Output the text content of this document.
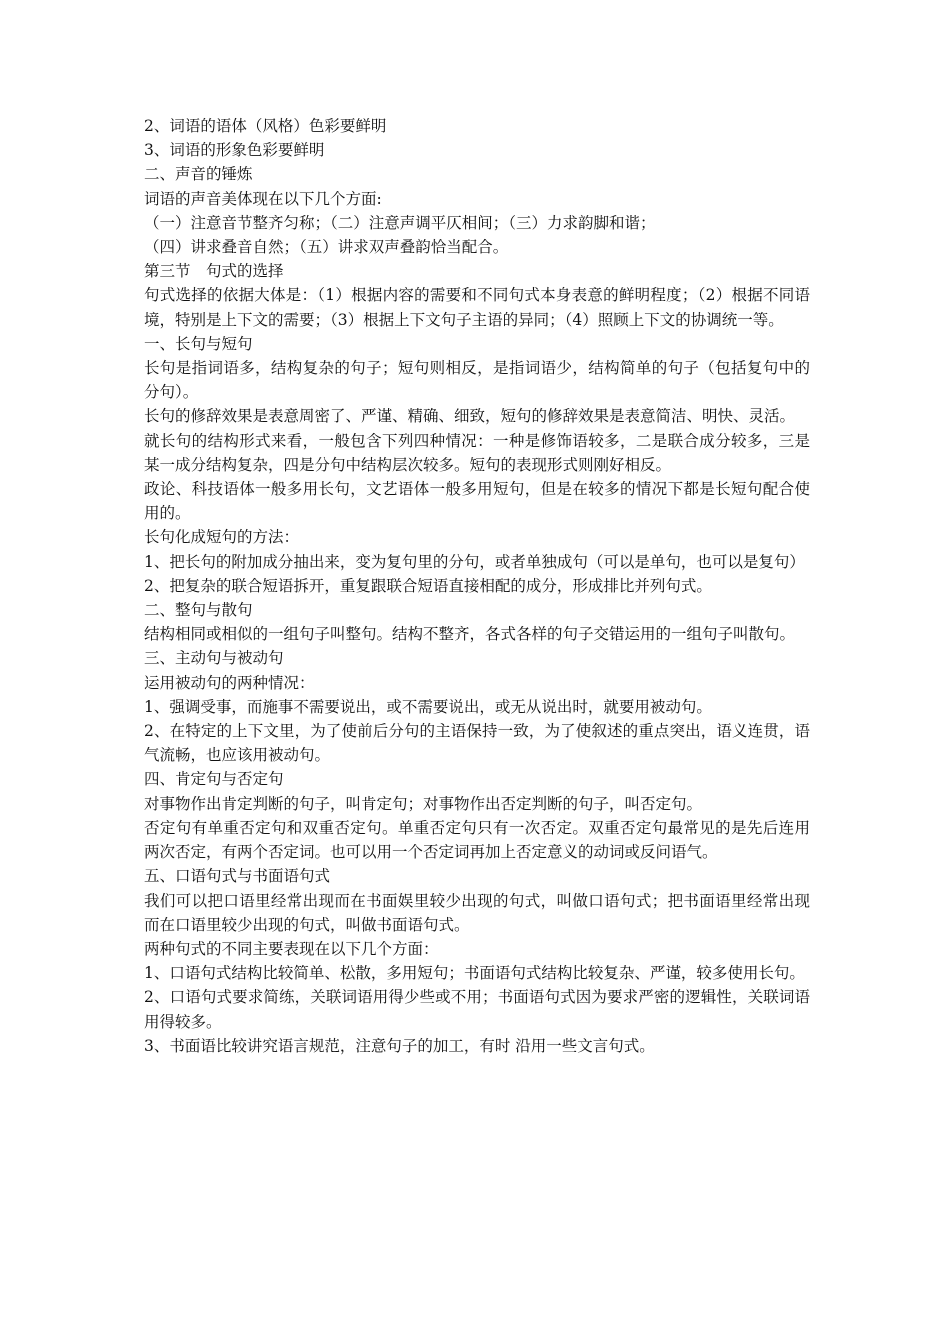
2、词语的语体（风格）色彩要鲜明

3、词语的形象色彩要鲜明

二、声音的锤炼

词语的声音美体现在以下几个方面:

（一）注意音节整齐匀称；（二）注意声调平仄相间；（三）力求韵脚和谐；

（四）讲求叠音自然；（五）讲求双声叠韵恰当配合。

第三节　句式的选择

句式选择的依据大体是：（1）根据内容的需要和不同句式本身表意的鲜明程度；（2）根据不同语境，特别是上下文的需要；（3）根据上下文句子主语的异同；（4）照顾上下文的协调统一等。

一、长句与短句

长句是指词语多，结构复杂的句子；短句则相反，是指词语少，结构简单的句子（包括复句中的分句）。

长句的修辞效果是表意周密了、严谨、精确、细致，短句的修辞效果是表意简洁、明快、灵活。

就长句的结构形式来看，一般包含下列四种情况：一种是修饰语较多，二是联合成分较多，三是某一成分结构复杂，四是分句中结构层次较多。短句的表现形式则刚好相反。

政论、科技语体一般多用长句，文艺语体一般多用短句，但是在较多的情况下都是长短句配合使用的。

长句化成短句的方法：

1、把长句的附加成分抽出来，变为复句里的分句，或者单独成句（可以是单句，也可以是复句）

2、把复杂的联合短语拆开，重复跟联合短语直接相配的成分，形成排比并列句式。

二、整句与散句

结构相同或相似的一组句子叫整句。结构不整齐，各式各样的句子交错运用的一组句子叫散句。

三、主动句与被动句

运用被动句的两种情况：

1、强调受事，而施事不需要说出，或不需要说出，或无从说出时，就要用被动句。

2、在特定的上下文里，为了使前后分句的主语保持一致，为了使叙述的重点突出，语义连贯，语气流畅，也应该用被动句。

四、肯定句与否定句

对事物作出肯定判断的句子，叫肯定句；对事物作出否定判断的句子，叫否定句。

否定句有单重否定句和双重否定句。单重否定句只有一次否定。双重否定句最常见的是先后连用两次否定，有两个否定词。也可以用一个否定词再加上否定意义的动词或反问语气。

五、口语句式与书面语句式

我们可以把口语里经常出现而在书面娱里较少出现的句式，叫做口语句式；把书面语里经常出现而在口语里较少出现的句式，叫做书面语句式。

两种句式的不同主要表现在以下几个方面：

1、口语句式结构比较简单、松散，多用短句；书面语句式结构比较复杂、严谨，较多使用长句。

2、口语句式要求简练，关联词语用得少些或不用；书面语句式因为要求严密的逻辑性，关联词语用得较多。

3、书面语比较讲究语言规范，注意句子的加工，有时 沿用一些文言句式。
